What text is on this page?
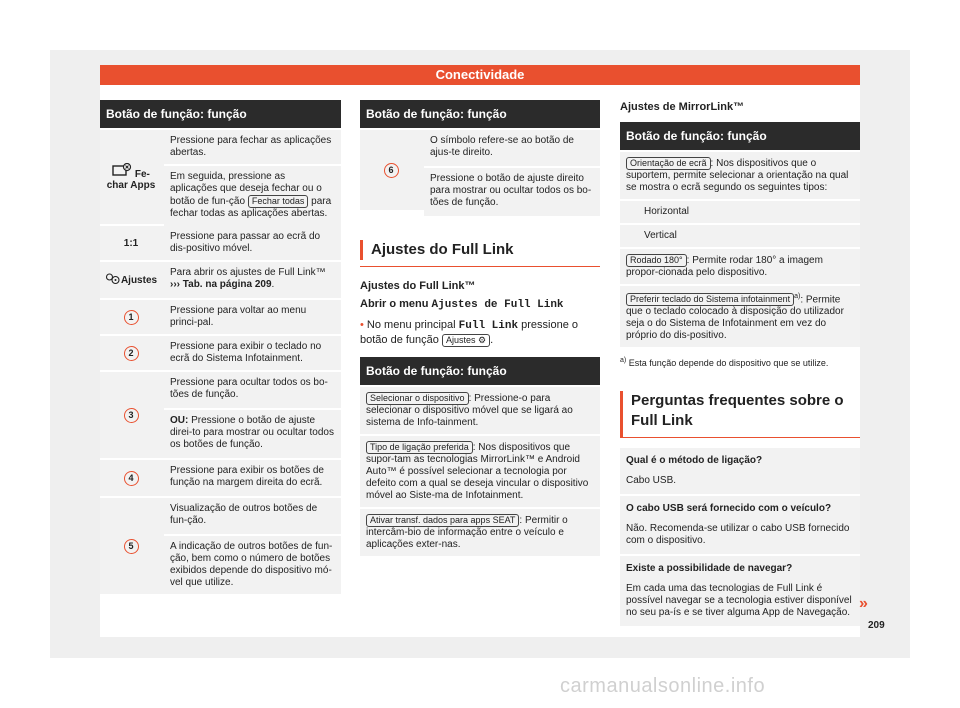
Conectividade
Botão de função: função
Fe-char Apps
Pressione para fechar as aplicações abertas.
Em seguida, pressione as aplicações que deseja fechar ou o botão de fun-ção Fechar todas para fechar todas as aplicações abertas.
1:1
Pressione para passar ao ecrã do dis-positivo móvel.
Ajustes
Para abrir os ajustes de Full Link™
››› Tab. na página 209.
1
Pressione para voltar ao menu princi-pal.
2
Pressione para exibir o teclado no ecrã do Sistema Infotainment.
3
Pressione para ocultar todos os bo-tões de função.
OU: Pressione o botão de ajuste direi-to para mostrar ou ocultar todos os botões de função.
4
Pressione para exibir os botões de função na margem direita do ecrã.
5
Visualização de outros botões de fun-ção.
A indicação de outros botões de fun-ção, bem como o número de botões exibidos depende do dispositivo mó-vel que utilize.
Botão de função: função
6
O símbolo refere-se ao botão de ajus-te direito.
Pressione o botão de ajuste direito para mostrar ou ocultar todos os bo-tões de função.
Ajustes do Full Link

Ajustes do Full Link™

Abrir o menu Ajustes de Full Link

• No menu principal Full Link pressione o botão de função Ajustes ⚙ .

Botão de função: função
Selecionar o dispositivo : Pressione-o para selecionar o dispositivo móvel que se ligará ao sistema de Info-tainment.
Tipo de ligação preferida : Nos dispositivos que supor-tam as tecnologias MirrorLink™ e Android Auto™ é possível selecionar a tecnologia por defeito com a qual se deseja vincular o dispositivo móvel ao Siste-ma de Infotainment.
Ativar transf. dados para apps SEAT : Permitir o intercâm-bio de informação entre o veículo e aplicações exter-nas.

Ajustes de MirrorLink™

Botão de função: função
Orientação de ecrã : Nos dispositivos que o suportem, permite selecionar a orientação na qual se mostra o ecrã segundo os seguintes tipos:
Horizontal
Vertical
Rodado 180° : Permite rodar 180° a imagem propor-cionada pelo dispositivo.
Preferir teclado do Sistema infotainment $^{a)}$: Permite que o teclado colocado à disposição do utilizador seja o do Sistema de Infotainment em vez do próprio do dis-positivo.
$^{a)}$ Esta função depende do dispositivo que se utilize.
Perguntas frequentes sobre o Full Link
Qual é o método de ligação?
Cabo USB.
O cabo USB será fornecido com o veículo?
Não. Recomenda-se utilizar o cabo USB fornecido com o dispositivo.
Existe a possibilidade de navegar?
Em cada uma das tecnologias de Full Link é possível navegar se a tecnologia estiver disponível no seu pa-ís e se tiver alguma App de Navegação.
»
209
carmanualsonline.info
